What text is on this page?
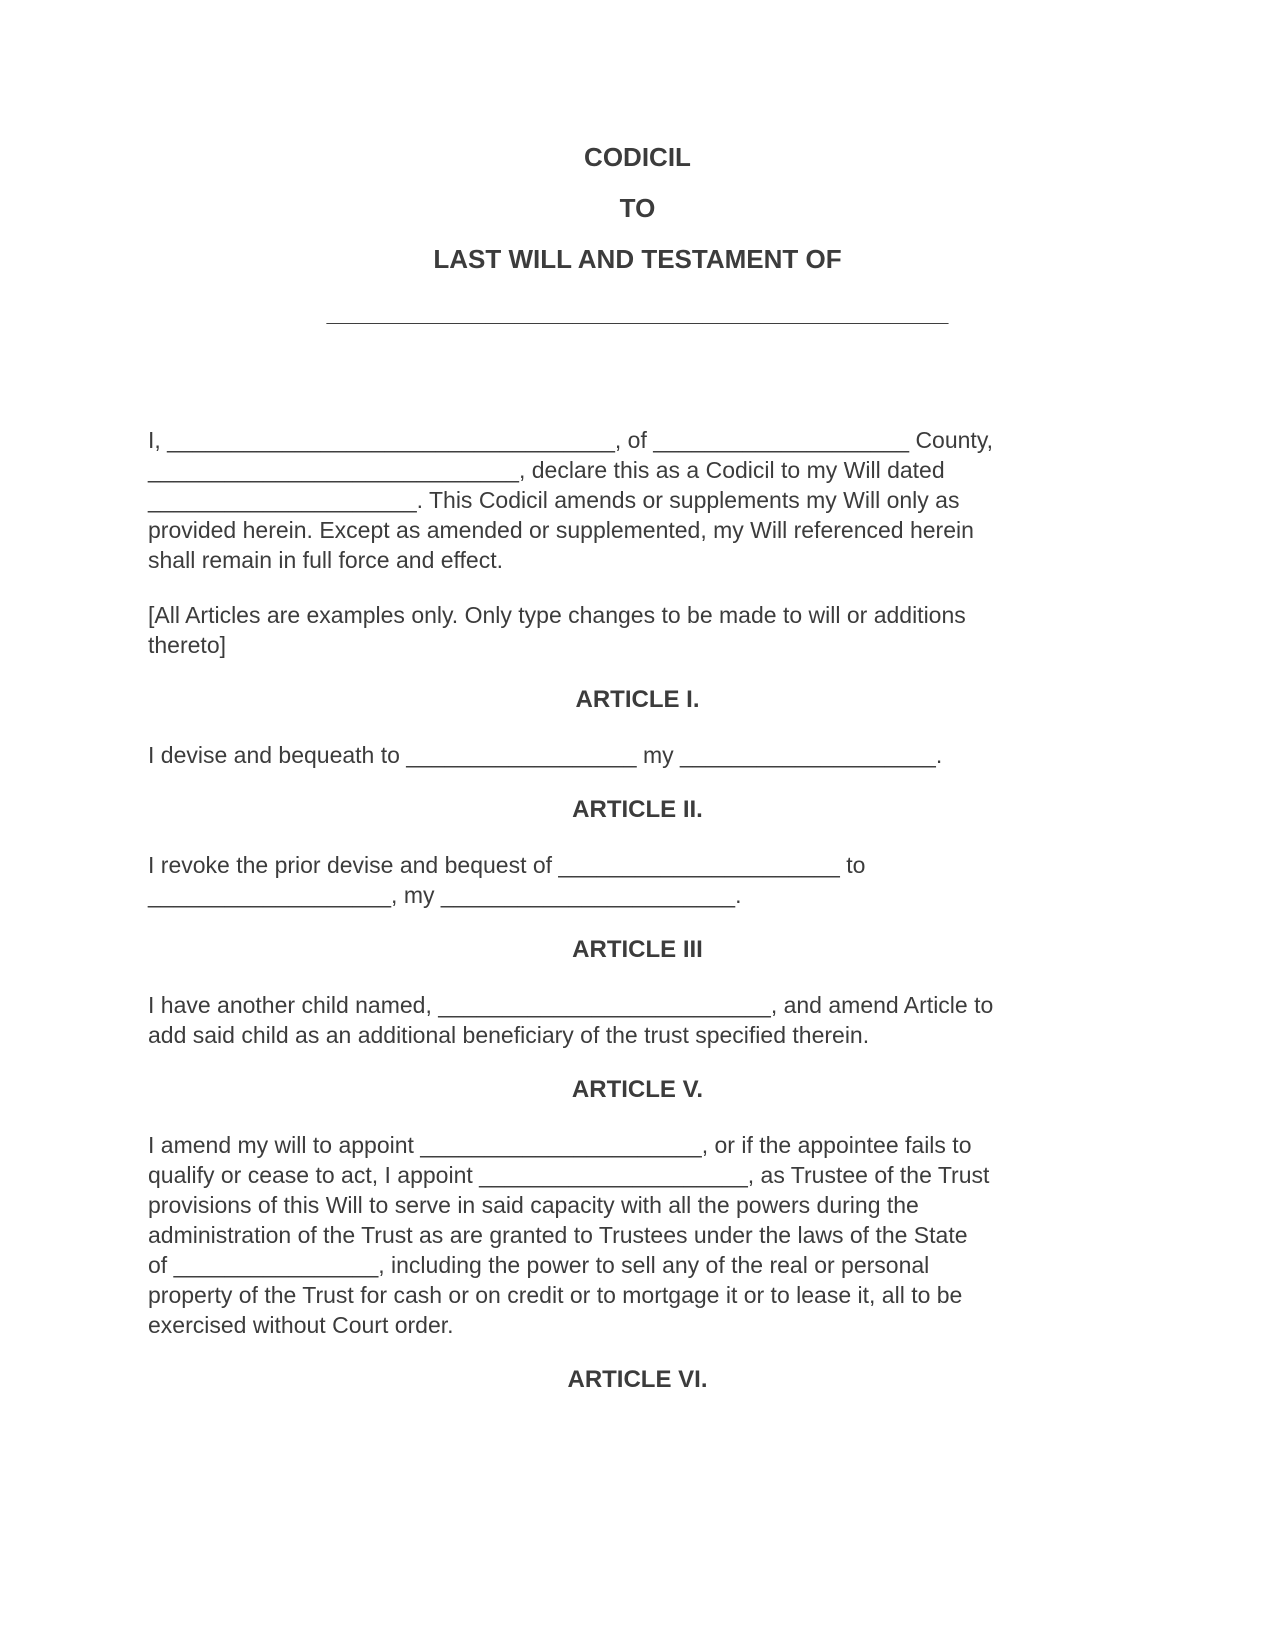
CODICIL
TO
LAST WILL AND TESTAMENT OF
___________________________________________
I, ___________________________________, of ____________________ County,
_____________________________, declare this as a Codicil to my Will dated
_____________________. This Codicil amends or supplements my Will only as
provided herein. Except as amended or supplemented, my Will referenced herein
shall remain in full force and effect.
[All Articles are examples only. Only type changes to be made to will or additions
thereto]
ARTICLE I.
I devise and bequeath to __________________ my ____________________.
ARTICLE II.
I revoke the prior devise and bequest of ______________________ to
___________________, my _______________________.
ARTICLE III
I have another child named, __________________________, and amend Article to
add said child as an additional beneficiary of the trust specified therein.
ARTICLE V.
I amend my will to appoint ______________________, or if the appointee fails to
qualify or cease to act, I appoint _____________________, as Trustee of the Trust
provisions of this Will to serve in said capacity with all the powers during the
administration of the Trust as are granted to Trustees under the laws of the State
of ________________, including the power to sell any of the real or personal
property of the Trust for cash or on credit or to mortgage it or to lease it, all to be
exercised without Court order.
ARTICLE VI.
